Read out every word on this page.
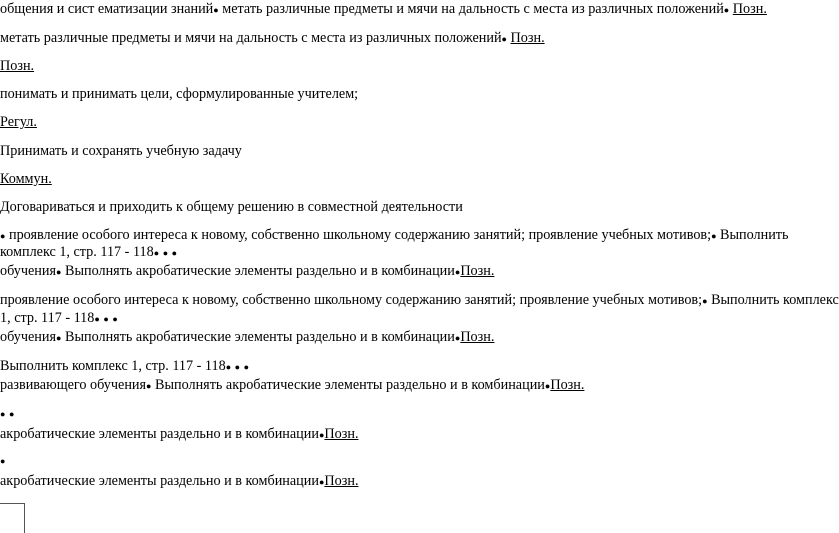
общения и сист ематизации знаний● метать различные предметы и мячи на дальность с места из различных положений● Позн.
метать различные предметы и мячи на дальность с места из различных положений● Позн.
Позн.
понимать и принимать цели, сформулированные учителем;
Регул.
Принимать и сохранять учебную задачу
Коммун.
Договариваться и приходить к общему решению в совместной деятельности
● проявление особого интереса к новому, собственно школьному содержанию занятий; проявление учебных мотивов;● Выполнить
комплекс 1, стр. 117 - 118● ● ●
обучения● Выполнять акробатические элементы раздельно и в комбинации●Позн.
проявление особого интереса к новому, собственно школьному содержанию занятий; проявление учебных мотивов;● Выполнить комплекс
1, стр. 117 - 118● ● ●
обучения● Выполнять акробатические элементы раздельно и в комбинации●Позн.
Выполнить комплекс 1, стр. 117 - 118● ● ●
развивающего обучения● Выполнять акробатические элементы раздельно и в комбинации●Позн.
● ●
акробатические элементы раздельно и в комбинации●Позн.
●
акробатические элементы раздельно и в комбинации●Позн.
